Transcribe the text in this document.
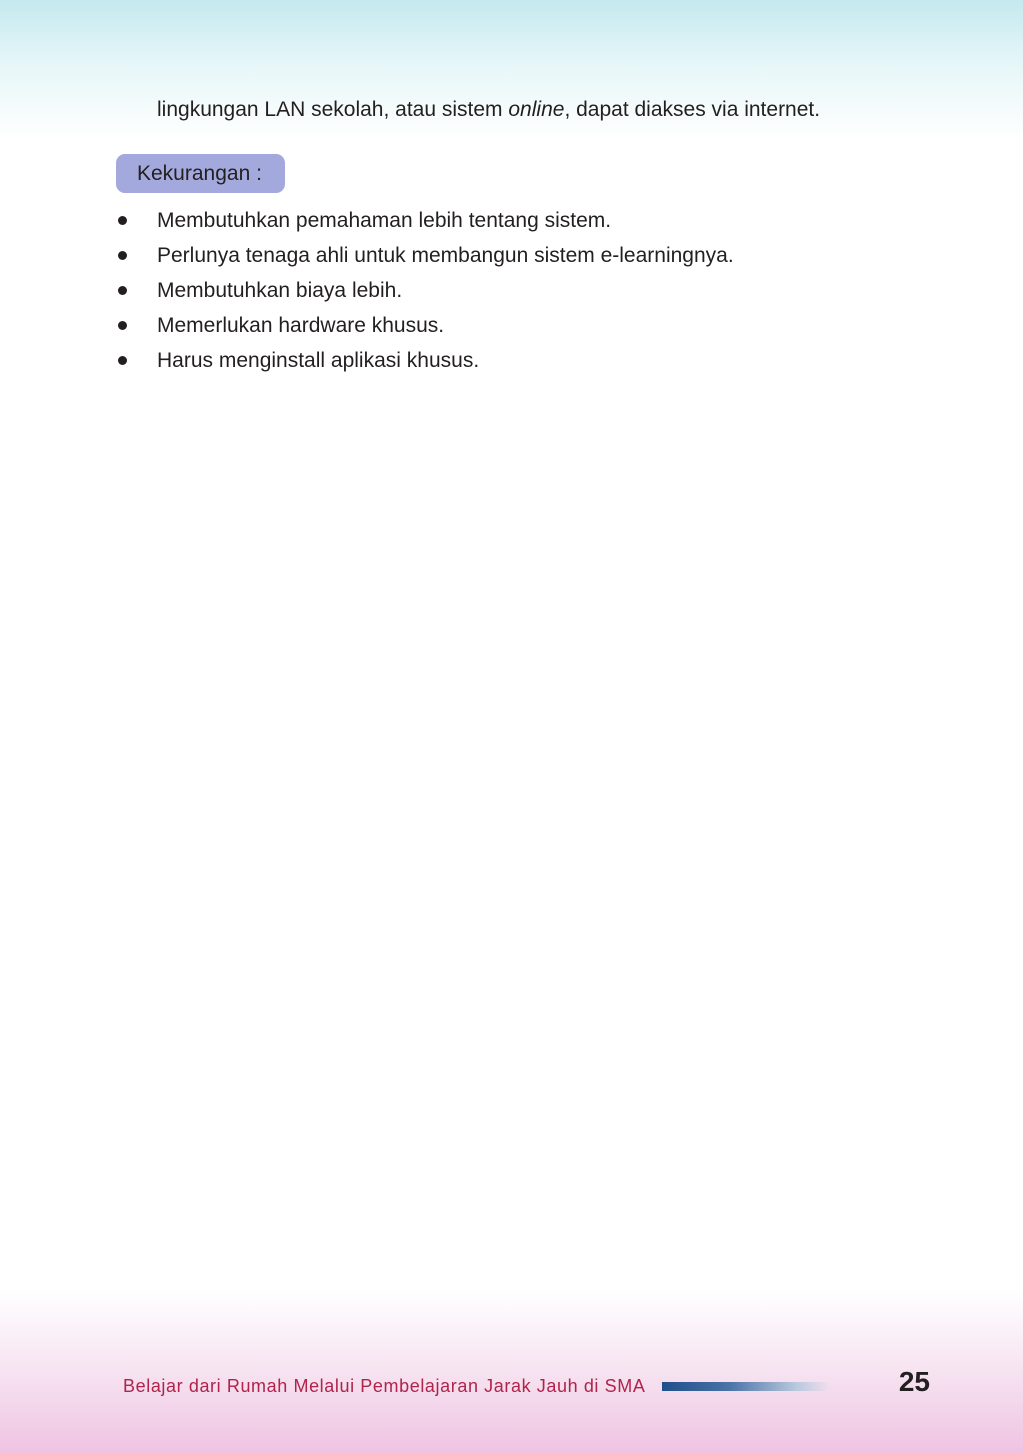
lingkungan LAN sekolah, atau sistem online, dapat diakses via internet.

Kekurangan :
Membutuhkan pemahaman lebih tentang sistem.
Perlunya tenaga ahli untuk membangun sistem e-learningnya.
Membutuhkan biaya lebih.
Memerlukan hardware khusus.
Harus menginstall aplikasi khusus.
Belajar dari Rumah Melalui Pembelajaran Jarak Jauh di SMA	25
